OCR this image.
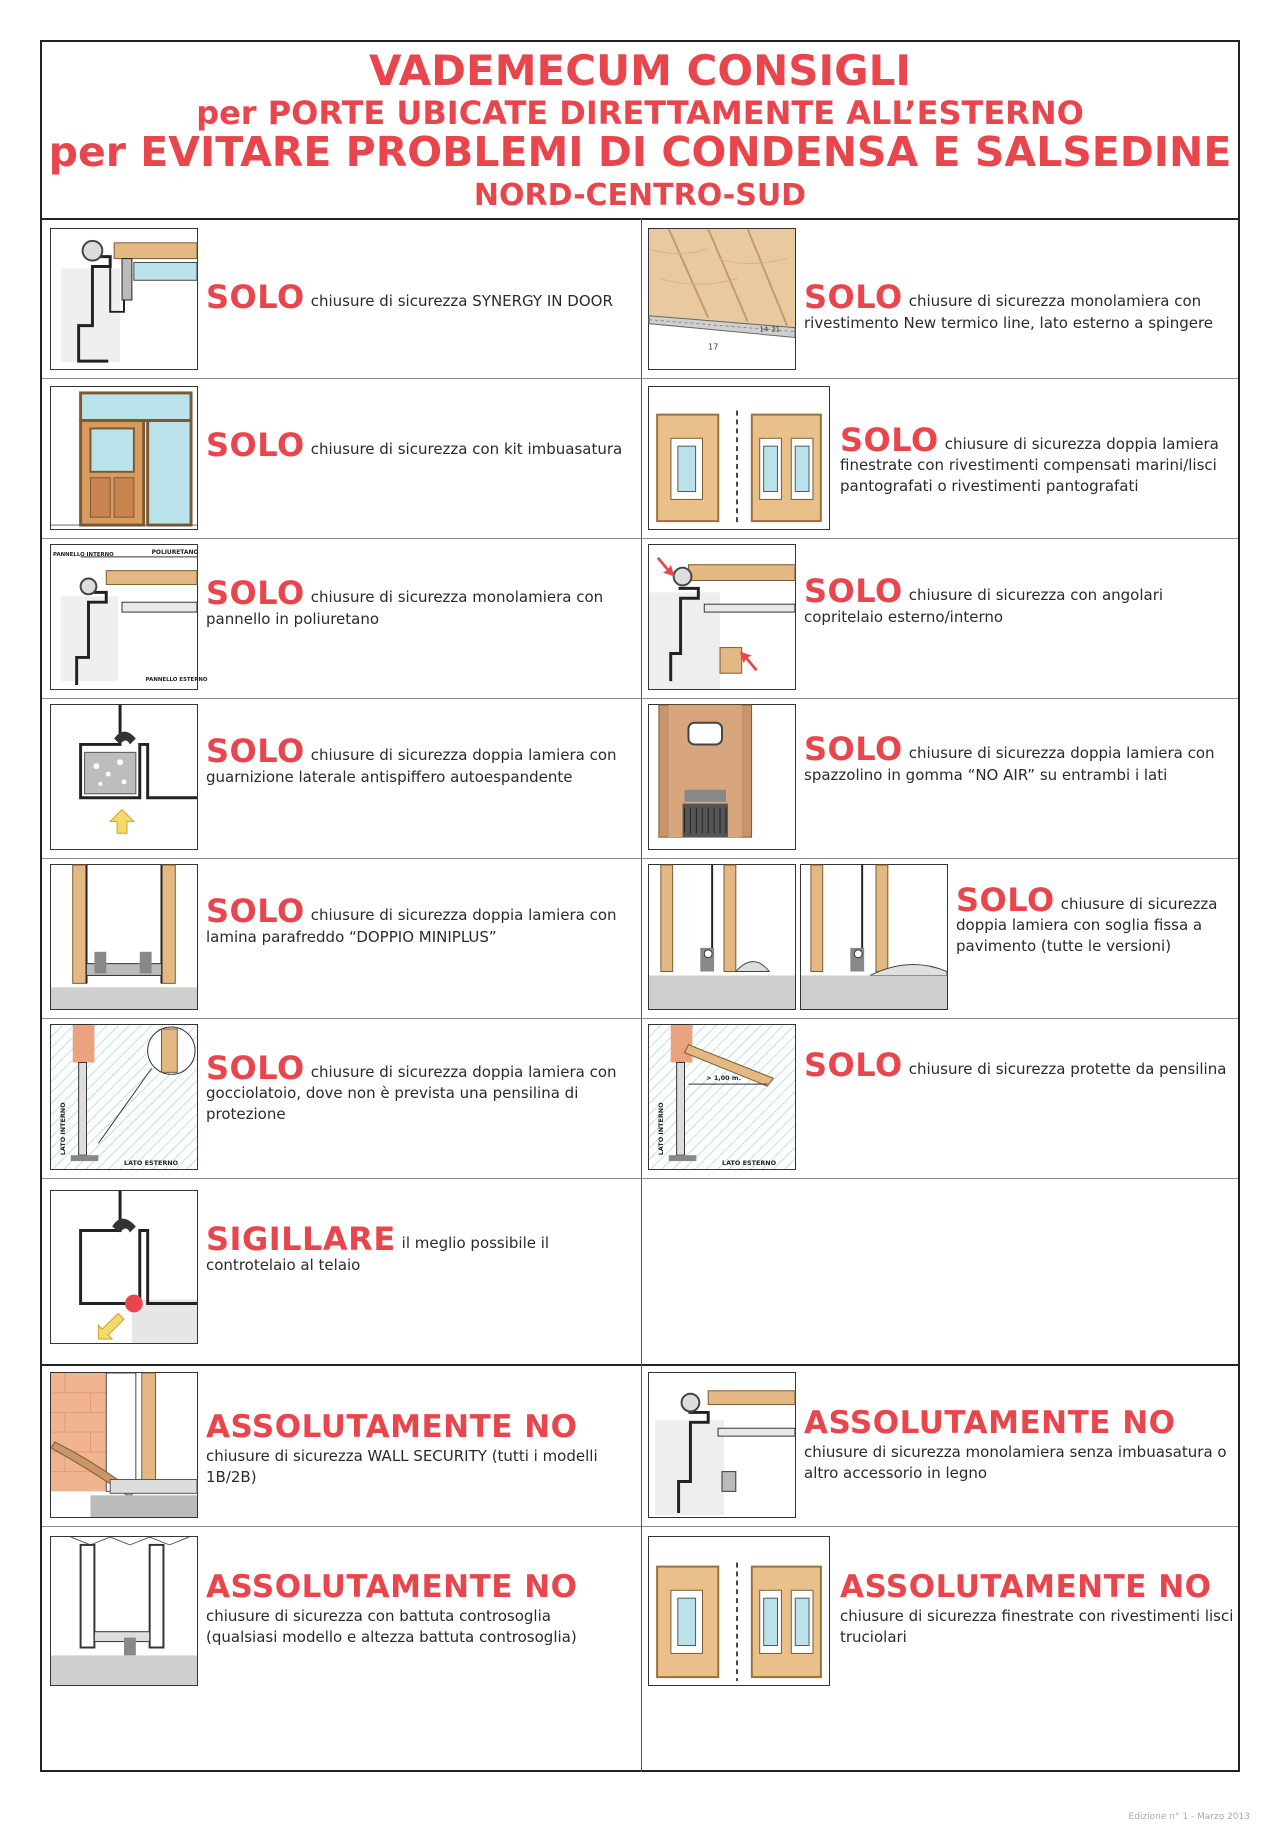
VADEMECUM CONSIGLI
per PORTE UBICATE DIRETTAMENTE ALL’ESTERNO
per EVITARE PROBLEMI DI CONDENSA E SALSEDINE
NORD-CENTRO-SUD
SOLO chiusure di sicurezza SYNERGY IN DOOR
17
14 21
SOLO chiusure di sicurezza monolamiera con rivestimento New termico line, lato esterno a spingere
SOLO chiusure di sicurezza con kit imbuasatura	SOLO chiusure di sicurezza doppia lamiera finestrate con rivestimenti compensati marini/lisci pantografati o rivestimenti pantografati
POLIURETANO
PANNELLO INTERNO
PANNELLO ESTERNO
SOLO chiusure di sicurezza monolamiera con pannello in poliuretano
SOLO chiusure di sicurezza con angolari copritelaio esterno/interno
SOLO chiusure di sicurezza doppia lamiera con guarnizione laterale antispiffero autoespandente
SOLO chiusure di sicurezza doppia lamiera con spazzolino in gomma “NO AIR” su entrambi i lati
SOLO chiusure di sicurezza doppia lamiera con lamina parafreddo “DOPPIO MINIPLUS”
SOLO chiusure di sicurezza doppia lamiera con soglia fissa a pavimento (tutte le versioni)
LATO INTERNO
LATO ESTERNO
SOLO chiusure di sicurezza doppia lamiera con gocciolatoio, dove non è prevista una pensilina di protezione
> 1,00 m.
LATO INTERNO
LATO ESTERNO
SOLO chiusure di sicurezza protette da pensilina
SIGILLARE il meglio possibile il controtelaio al telaio
ASSOLUTAMENTE NO
chiusure di sicurezza WALL SECURITY (tutti i modelli 1B/2B)
ASSOLUTAMENTE NO
chiusure di sicurezza monolamiera senza imbuasatura o altro accessorio in legno
ASSOLUTAMENTE NO
chiusure di sicurezza con battuta controsoglia (qualsiasi modello e altezza battuta controsoglia)
ASSOLUTAMENTE NO
chiusure di sicurezza finestrate con rivestimenti lisci truciolari
Edizione n° 1 - Marzo 2013
